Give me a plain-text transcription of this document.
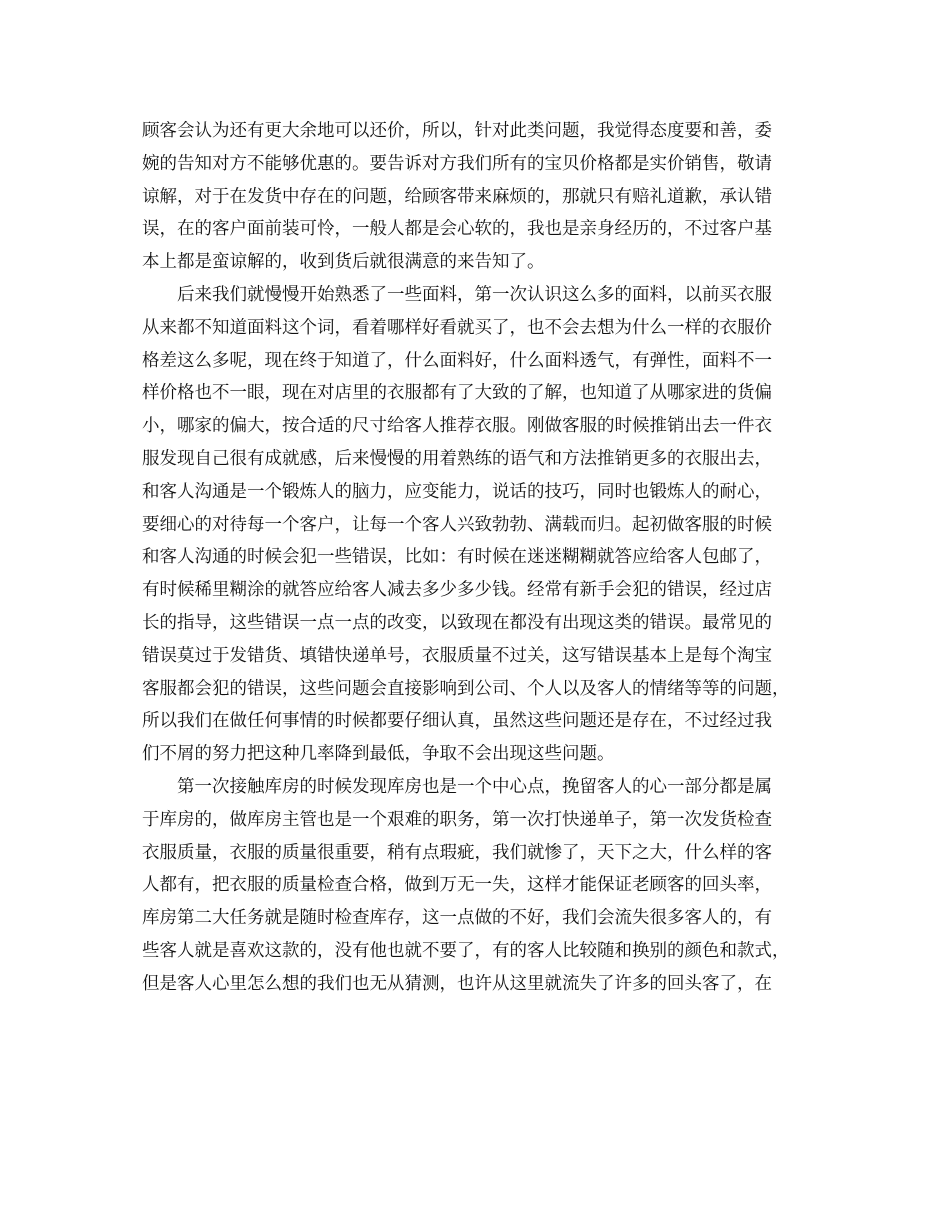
顾客会认为还有更大余地可以还价，所以，针对此类问题，我觉得态度要和善，委
婉的告知对方不能够优惠的。要告诉对方我们所有的宝贝价格都是实价销售，敬请
谅解，对于在发货中存在的问题，给顾客带来麻烦的，那就只有赔礼道歉，承认错
误，在的客户面前装可怜，一般人都是会心软的，我也是亲身经历的，不过客户基
本上都是蛮谅解的，收到货后就很满意的来告知了。
后来我们就慢慢开始熟悉了一些面料，第一次认识这么多的面料，以前买衣服
从来都不知道面料这个词，看着哪样好看就买了，也不会去想为什么一样的衣服价
格差这么多呢，现在终于知道了，什么面料好，什么面料透气，有弹性，面料不一
样价格也不一眼，现在对店里的衣服都有了大致的了解，也知道了从哪家进的货偏
小，哪家的偏大，按合适的尺寸给客人推荐衣服。刚做客服的时候推销出去一件衣
服发现自己很有成就感，后来慢慢的用着熟练的语气和方法推销更多的衣服出去，
和客人沟通是一个锻炼人的脑力，应变能力，说话的技巧，同时也锻炼人的耐心，
要细心的对待每一个客户，让每一个客人兴致勃勃、满载而归。起初做客服的时候
和客人沟通的时候会犯一些错误，比如：有时候在迷迷糊糊就答应给客人包邮了，
有时候稀里糊涂的就答应给客人减去多少多少钱。经常有新手会犯的错误，经过店
长的指导，这些错误一点一点的改变，以致现在都没有出现这类的错误。最常见的
错误莫过于发错货、填错快递单号，衣服质量不过关，这写错误基本上是每个淘宝
客服都会犯的错误，这些问题会直接影响到公司、个人以及客人的情绪等等的问题，
所以我们在做任何事情的时候都要仔细认真，虽然这些问题还是存在，不过经过我
们不屑的努力把这种几率降到最低，争取不会出现这些问题。
第一次接触库房的时候发现库房也是一个中心点，挽留客人的心一部分都是属
于库房的，做库房主管也是一个艰难的职务，第一次打快递单子，第一次发货检查
衣服质量，衣服的质量很重要，稍有点瑕疵，我们就惨了，天下之大，什么样的客
人都有，把衣服的质量检查合格，做到万无一失，这样才能保证老顾客的回头率，
库房第二大任务就是随时检查库存，这一点做的不好，我们会流失很多客人的，有
些客人就是喜欢这款的，没有他也就不要了，有的客人比较随和换别的颜色和款式，
但是客人心里怎么想的我们也无从猜测，也许从这里就流失了许多的回头客了，在
